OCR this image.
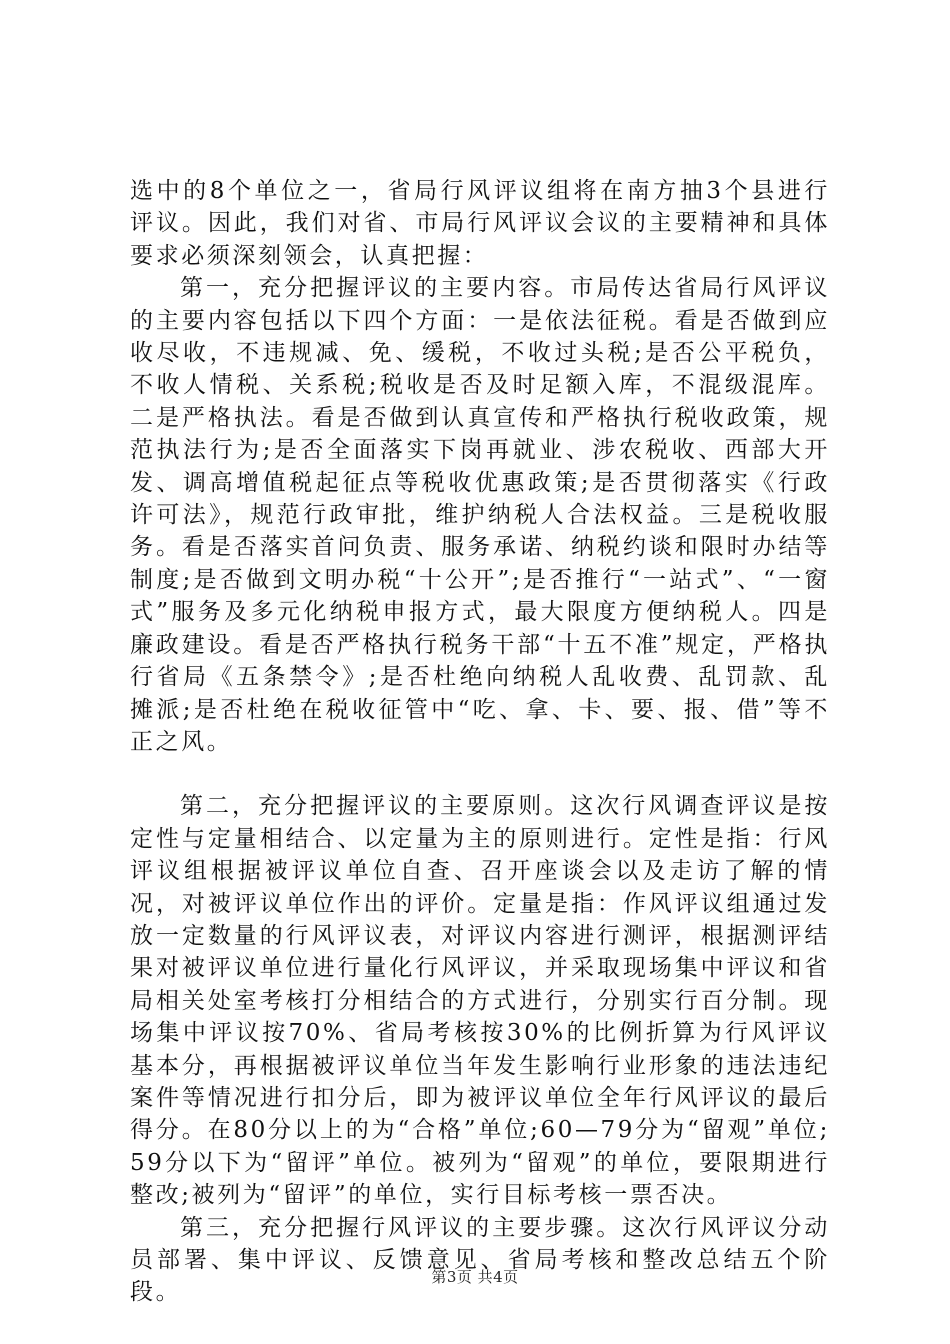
选中的8个单位之一，省局行风评议组将在南方抽3个县进行评议。因此，我们对省、市局行风评议会议的主要精神和具体要求必须深刻领会，认真把握：

第一，充分把握评议的主要内容。市局传达省局行风评议的主要内容包括以下四个方面：一是依法征税。看是否做到应收尽收，不违规减、免、缓税，不收过头税;是否公平税负，不收人情税、关系税;税收是否及时足额入库，不混级混库。二是严格执法。看是否做到认真宣传和严格执行税收政策，规范执法行为;是否全面落实下岗再就业、涉农税收、西部大开发、调高增值税起征点等税收优惠政策;是否贯彻落实《行政许可法》，规范行政审批，维护纳税人合法权益。三是税收服务。看是否落实首问负责、服务承诺、纳税约谈和限时办结等制度;是否做到文明办税“十公开”;是否推行“一站式”、“一窗式”服务及多元化纳税申报方式，最大限度方便纳税人。四是廉政建设。看是否严格执行税务干部“十五不准”规定，严格执行省局《五条禁令》;是否杜绝向纳税人乱收费、乱罚款、乱摊派;是否杜绝在税收征管中“吃、拿、卡、要、报、借”等不正之风。

第二，充分把握评议的主要原则。这次行风调查评议是按定性与定量相结合、以定量为主的原则进行。定性是指：行风评议组根据被评议单位自查、召开座谈会以及走访了解的情况，对被评议单位作出的评价。定量是指：作风评议组通过发放一定数量的行风评议表，对评议内容进行测评，根据测评结果对被评议单位进行量化行风评议，并采取现场集中评议和省局相关处室考核打分相结合的方式进行，分别实行百分制。现场集中评议按70%、省局考核按30%的比例折算为行风评议基本分，再根据被评议单位当年发生影响行业形象的违法违纪案件等情况进行扣分后，即为被评议单位全年行风评议的最后得分。在80分以上的为“合格”单位;60—79分为“留观”单位;59分以下为“留评”单位。被列为“留观”的单位，要限期进行整改;被列为“留评”的单位，实行目标考核一票否决。

第三，充分把握行风评议的主要步骤。这次行风评议分动员部署、集中评议、反馈意见、省局考核和整改总结五个阶段。

第3页 共4页
